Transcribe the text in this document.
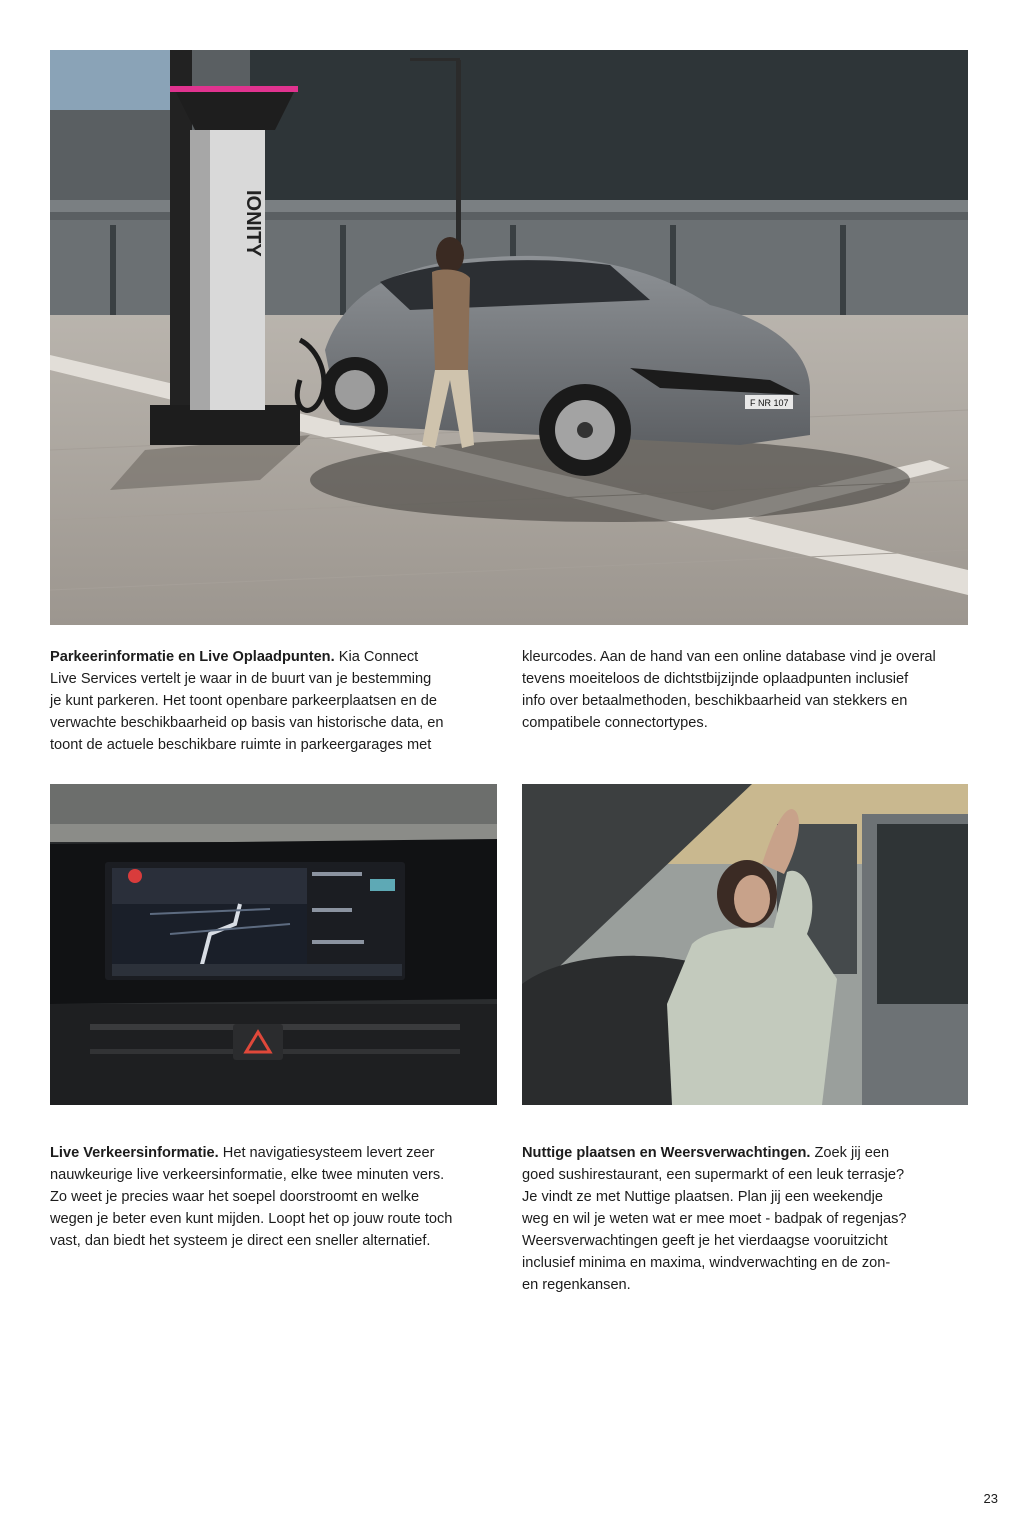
IONITY
F NR 107

Parkeerinformatie en Live Oplaadpunten. Kia Connect
Live Services vertelt je waar in de buurt van je bestemming
je kunt parkeren. Het toont openbare parkeerplaatsen en de
verwachte beschikbaarheid op basis van historische data, en
toont de actuele beschikbare ruimte in parkeergarages met

kleurcodes. Aan de hand van een online database vind je overal
tevens moeiteloos de dichtstbijzijnde oplaadpunten inclusief
info over betaalmethoden, beschikbaarheid van stekkers en
compatibele connectortypes.

Live Verkeersinformatie. Het navigatiesysteem levert zeer
nauwkeurige live verkeersinformatie, elke twee minuten vers.
Zo weet je precies waar het soepel doorstroomt en welke
wegen je beter even kunt mijden. Loopt het op jouw route toch
vast, dan biedt het systeem je direct een sneller alternatief.

Nuttige plaatsen en Weersverwachtingen. Zoek jij een
goed sushirestaurant, een supermarkt of een leuk terrasje?
Je vindt ze met Nuttige plaatsen. Plan jij een weekendje
weg en wil je weten wat er mee moet - badpak of regenjas?
Weersverwachtingen geeft je het vierdaagse vooruitzicht
inclusief minima en maxima, windverwachting en de zon-
en regenkansen.

23
